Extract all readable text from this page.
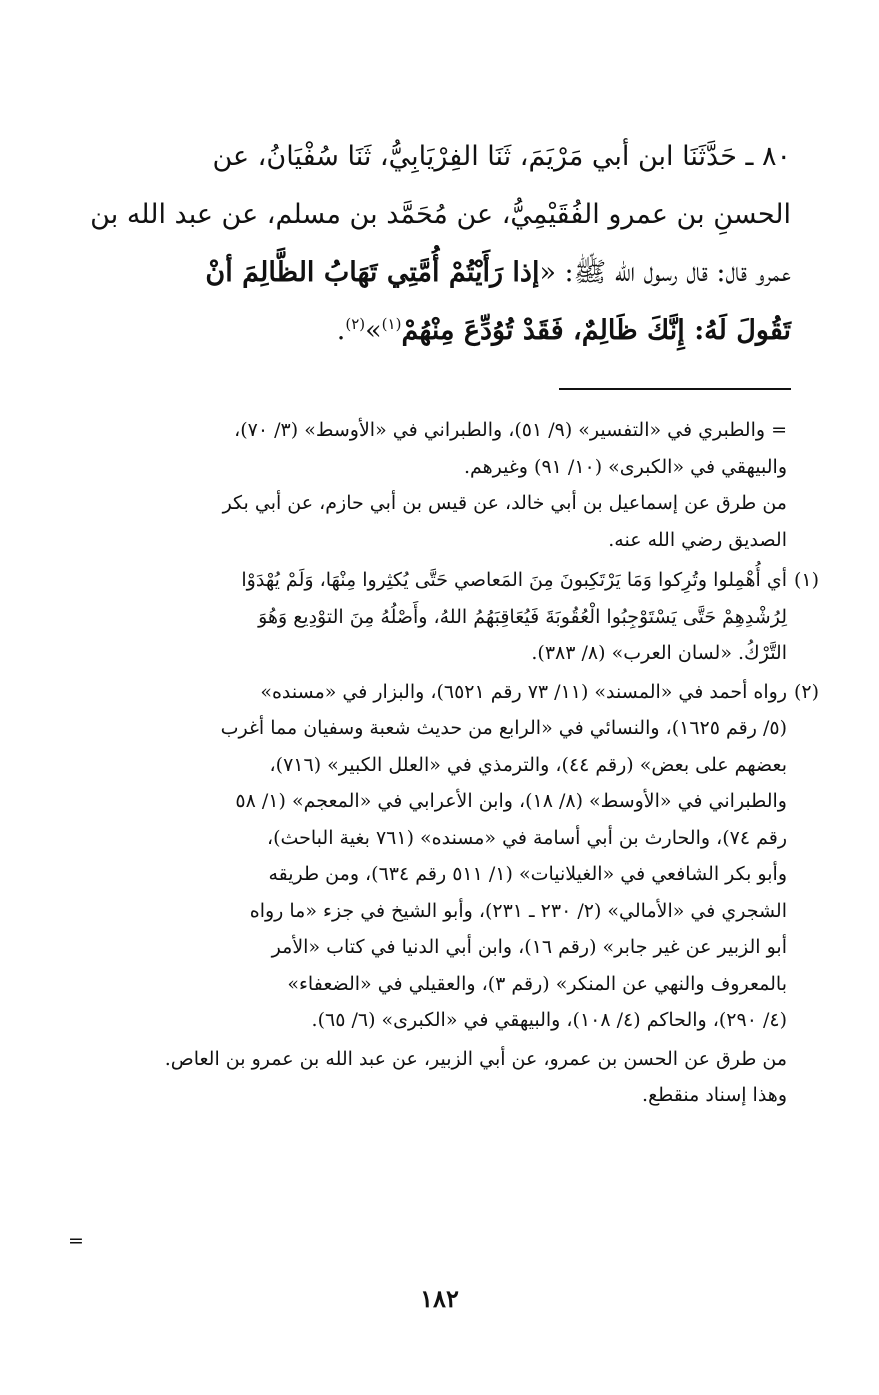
٨٠ ـ حَدَّثَنَا ابن أبي مَرْيَمَ، ثَنَا الفِرْيَابِيُّ، ثَنَا سُفْيَانُ، عن

الحسنِ بن عمرو الفُقَيْمِيُّ، عن مُحَمَّد بن مسلم، عن عبد الله بن

عمرو قال: قال رسول الله ﷺ: «إذا رَأَيْتُمْ أُمَّتِي تَهَابُ الظَّالِمَ أنْ

تَقُولَ لَهُ: إِنَّكَ ظَالِمٌ، فَقَدْ تُوُدِّعَ مِنْهُمْ$^{(١)}$»$^{(٢)}$.

= والطبري في «التفسير» (٩/ ٥١)، والطبراني في «الأوسط» (٣/ ٧٠)،

والبيهقي في «الكبرى» (١٠/ ٩١) وغيرهم.

من طرق عن إسماعيل بن أبي خالد، عن قيس بن أبي حازم، عن أبي بكر

الصديق رضي الله عنه.

(١)

أي أُهْمِلوا وتُرِكوا وَمَا يَرْتَكِبونَ مِنَ المَعاصي حَتَّى يُكثِروا مِنْهَا، وَلَمْ يُهْدَوْا

لِرُشْدِهِمْ حَتَّى يَسْتَوْجِبُوا الْعُقُوبَةَ فَيُعَاقِبَهُمُ اللهُ، وأَصْلُهُ مِنَ التوْدِيع وَهُوَ

التَّرْكُ. «لسان العرب» (٨/ ٣٨٣).

(٢)

رواه أحمد في «المسند» (١١/ ٧٣ رقم ٦٥٢١)، والبزار في «مسنده»

(٥/ رقم ١٦٢٥)، والنسائي في «الرابع من حديث شعبة وسفيان مما أغرب

بعضهم على بعض» (رقم ٤٤)، والترمذي في «العلل الكبير» (٧١٦)،

والطبراني في «الأوسط» (٨/ ١٨)، وابن الأعرابي في «المعجم» (١/ ٥٨

رقم ٧٤)، والحارث بن أبي أسامة في «مسنده» (٧٦١ بغية الباحث)،

وأبو بكر الشافعي في «الغيلانيات» (١/ ٥١١ رقم ٦٣٤)، ومن طريقه

الشجري في «الأمالي» (٢/ ٢٣٠ ـ ٢٣١)، وأبو الشيخ في جزء «ما رواه

أبو الزبير عن غير جابر» (رقم ١٦)، وابن أبي الدنيا في كتاب «الأمر

بالمعروف والنهي عن المنكر» (رقم ٣)، والعقيلي في «الضعفاء»

(٤/ ٢٩٠)، والحاكم (٤/ ١٠٨)، والبيهقي في «الكبرى» (٦/ ٦٥).

من طرق عن الحسن بن عمرو، عن أبي الزبير، عن عبد الله بن عمرو بن العاص.

وهذا إسناد منقطع.

=
١٨٢
